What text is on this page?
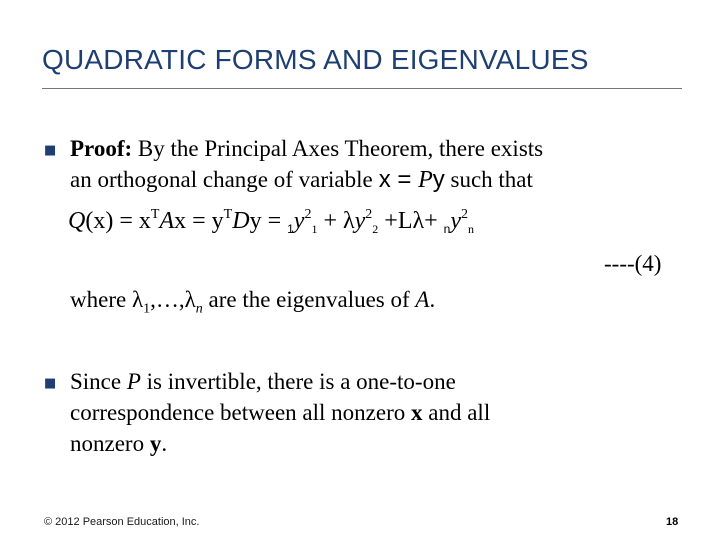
QUADRATIC FORMS AND EIGENVALUES
■ Proof: By the Principal Axes Theorem, there exists
an orthogonal change of variable x = Py such that

$Q(x) = x^TAx = y^TDy = _1y^2_1 + \lambda y^2_2 +L\lambda+ _ny^2_n$
----(4)
where $\lambda_1,\dots,\lambda_n$ are the eigenvalues of A.
■ Since P is invertible, there is a one-to-one
correspondence between all nonzero x and all
nonzero y.

© 2012 Pearson Education, Inc.	18
